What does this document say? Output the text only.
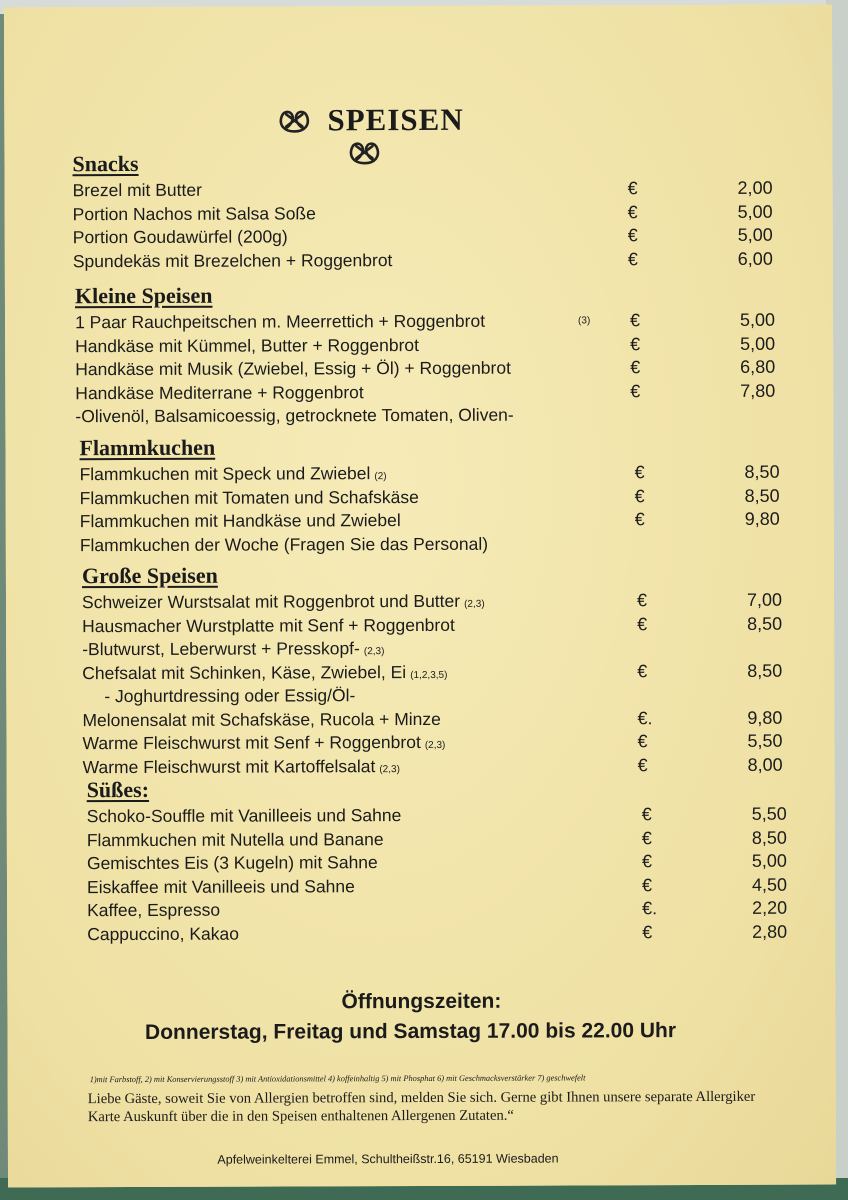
SPEISEN
Snacks
Brezel mit Butter	€	2,00
Portion Nachos mit Salsa Soße	€	5,00
Portion Goudawürfel (200g)	€	5,00
Spundekäs mit Brezelchen + Roggenbrot	€	6,00
Kleine Speisen
1 Paar Rauchpeitschen m. Meerrettich + Roggenbrot	(3) €	5,00
Handkäse mit Kümmel, Butter + Roggenbrot	€	5,00
Handkäse mit Musik (Zwiebel, Essig + Öl) + Roggenbrot	€	6,80
Handkäse Mediterrane + Roggenbrot	€	7,80
-Olivenöl, Balsamicoessig, getrocknete Tomaten, Oliven-
Flammkuchen
Flammkuchen mit Speck und Zwiebel (2)	€	8,50
Flammkuchen mit Tomaten und Schafskäse	€	8,50
Flammkuchen mit Handkäse und Zwiebel	€	9,80
Flammkuchen der Woche (Fragen Sie das Personal)
Große Speisen
Schweizer Wurstsalat mit Roggenbrot und Butter (2,3)	€	7,00
Hausmacher Wurstplatte mit Senf + Roggenbrot	€	8,50
-Blutwurst, Leberwurst + Presskopf- (2,3)
Chefsalat mit Schinken, Käse, Zwiebel, Ei (1,2,3,5)	€	8,50
- Joghurtdressing oder Essig/Öl-
Melonensalat mit Schafskäse, Rucola + Minze	€.	9,80
Warme Fleischwurst mit Senf + Roggenbrot (2,3)	€	5,50
Warme Fleischwurst mit Kartoffelsalat (2,3)	€	8,00
Süßes:
Schoko-Souffle mit Vanilleeis und Sahne	€	5,50
Flammkuchen mit Nutella und Banane	€	8,50
Gemischtes Eis (3 Kugeln) mit Sahne	€	5,00
Eiskaffee mit Vanilleeis und Sahne	€	4,50
Kaffee, Espresso	€.	2,20
Cappuccino, Kakao	€	2,80
Öffnungszeiten:
Donnerstag, Freitag und Samstag 17.00 bis 22.00 Uhr
1)mit Farbstoff, 2) mit Konservierungsstoff 3) mit Antioxidationsmittel 4) koffeinhaltig 5) mit Phosphat 6) mit Geschmacksverstärker 7) geschwefelt
Liebe Gäste, soweit Sie von Allergien betroffen sind, melden Sie sich. Gerne gibt Ihnen unsere separate Allergiker Karte Auskunft über die in den Speisen enthaltenen Allergenen Zutaten.“
Apfelweinkelterei Emmel, Schultheißstr.16, 65191 Wiesbaden
